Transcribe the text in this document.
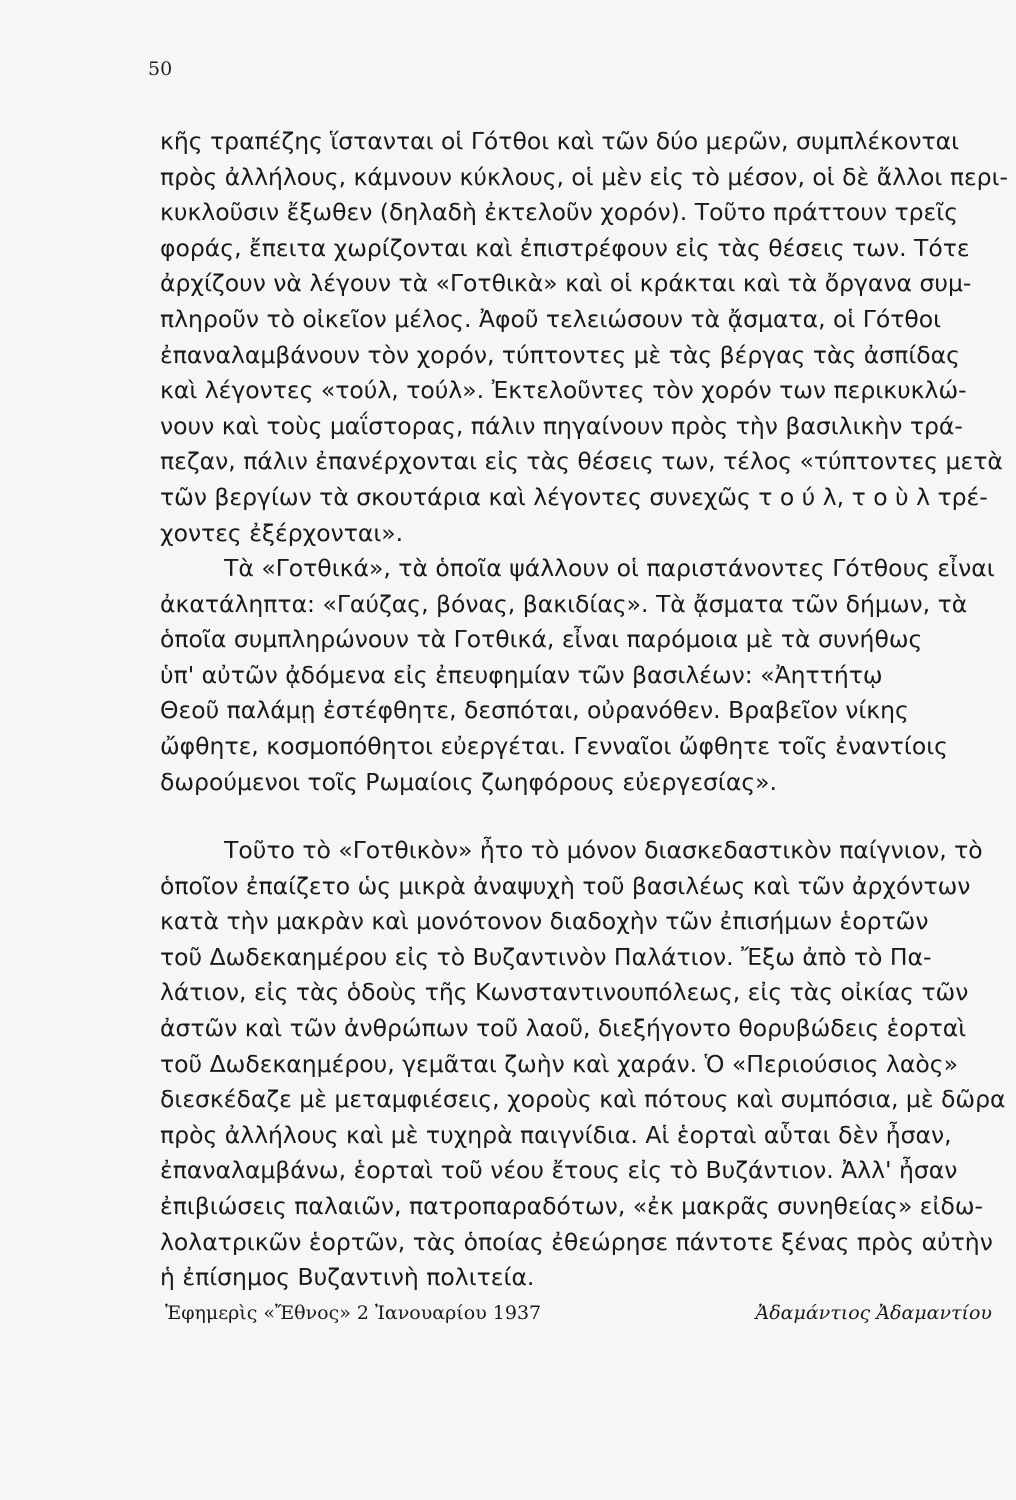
50
κῆς τραπέζης ἵστανται οἱ Γότθοι καὶ τῶν δύο μερῶν, συμπλέκονται
πρὸς ἀλλήλους, κάμνουν κύκλους, οἱ μὲν εἰς τὸ μέσον, οἱ δὲ ἄλλοι περι-
κυκλοῦσιν ἔξωθεν (δηλαδὴ ἐκτελοῦν χορόν). Τοῦτο πράττουν τρεῖς
φοράς, ἔπειτα χωρίζονται καὶ ἐπιστρέφουν εἰς τὰς θέσεις των. Τότε
ἀρχίζουν νὰ λέγουν τὰ «Γοτθικὰ» καὶ οἱ κράκται καὶ τὰ ὄργανα συμ-
πληροῦν τὸ οἰκεῖον μέλος. Ἀφοῦ τελειώσουν τὰ ᾄσματα, οἱ Γότθοι
ἐπαναλαμβάνουν τὸν χορόν, τύπτοντες μὲ τὰς βέργας τὰς ἀσπίδας
καὶ λέγοντες «τούλ, τούλ». Ἐκτελοῦντες τὸν χορόν των περικυκλώ-
νουν καὶ τοὺς μαΐστορας, πάλιν πηγαίνουν πρὸς τὴν βασιλικὴν τρά-
πεζαν, πάλιν ἐπανέρχονται εἰς τὰς θέσεις των, τέλος «τύπτοντες μετὰ
τῶν βεργίων τὰ σκουτάρια καὶ λέγοντες συνεχῶς τ ο ύ λ, τ ο ὺ λ τρέ-
χοντες ἐξέρχονται».
Τὰ «Γοτθικά», τὰ ὁποῖα ψάλλουν οἱ παριστάνοντες Γότθους εἶναι
ἀκατάληπτα: «Γαύζας, βόνας, βακιδίας». Τὰ ᾄσματα τῶν δήμων, τὰ
ὁποῖα συμπληρώνουν τὰ Γοτθικά, εἶναι παρόμοια μὲ τὰ συνήθως
ὑπ' αὐτῶν ᾀδόμενα εἰς ἐπευφημίαν τῶν βασιλέων: «Ἀηττήτῳ
Θεοῦ παλάμῃ ἐστέφθητε, δεσπόται, οὐρανόθεν. Βραβεῖον νίκης
ὤφθητε, κοσμοπόθητοι εὐεργέται. Γενναῖοι ὤφθητε τοῖς ἐναντίοις
δωρούμενοι τοῖς Ρωμαίοις ζωηφόρους εὐεργεσίας».
Τοῦτο τὸ «Γοτθικὸν» ἦτο τὸ μόνον διασκεδαστικὸν παίγνιον, τὸ
ὁποῖον ἐπαίζετο ὡς μικρὰ ἀναψυχὴ τοῦ βασιλέως καὶ τῶν ἀρχόντων
κατὰ τὴν μακρὰν καὶ μονότονον διαδοχὴν τῶν ἐπισήμων ἑορτῶν
τοῦ Δωδεκαημέρου εἰς τὸ Βυζαντινὸν Παλάτιον. Ἔξω ἀπὸ τὸ Πα-
λάτιον, εἰς τὰς ὁδοὺς τῆς Κωνσταντινουπόλεως, εἰς τὰς οἰκίας τῶν
ἀστῶν καὶ τῶν ἀνθρώπων τοῦ λαοῦ, διεξήγοντο θορυβώδεις ἑορταὶ
τοῦ Δωδεκαημέρου, γεμᾶται ζωὴν καὶ χαράν. Ὁ «Περιούσιος λαὸς»
διεσκέδαζε μὲ μεταμφιέσεις, χοροὺς καὶ πότους καὶ συμπόσια, μὲ δῶρα
πρὸς ἀλλήλους καὶ μὲ τυχηρὰ παιγνίδια. Αἱ ἑορταὶ αὗται δὲν ἦσαν,
ἐπαναλαμβάνω, ἑορταὶ τοῦ νέου ἔτους εἰς τὸ Βυζάντιον. Ἀλλ' ἦσαν
ἐπιβιώσεις παλαιῶν, πατροπαραδότων, «ἐκ μακρᾶς συνηθείας» εἰδω-
λολατρικῶν ἑορτῶν, τὰς ὁποίας ἐθεώρησε πάντοτε ξένας πρὸς αὐτὴν
ἡ ἐπίσημος Βυζαντινὴ πολιτεία.
Ἐφημερὶς «Ἔθνος» 2 Ἰανουαρίου 1937	Ἀδαμάντιος Ἀδαμαντίου
